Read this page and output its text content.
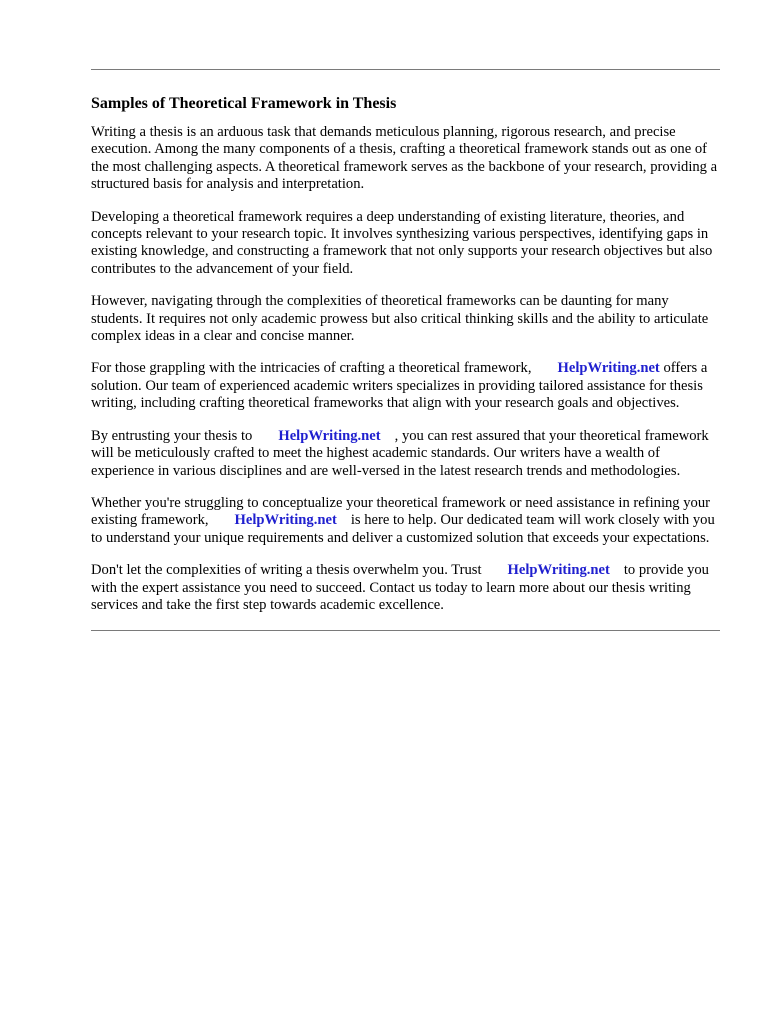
Samples of Theoretical Framework in Thesis

Writing a thesis is an arduous task that demands meticulous planning, rigorous research, and precise execution. Among the many components of a thesis, crafting a theoretical framework stands out as one of the most challenging aspects. A theoretical framework serves as the backbone of your research, providing a structured basis for analysis and interpretation.

Developing a theoretical framework requires a deep understanding of existing literature, theories, and concepts relevant to your research topic. It involves synthesizing various perspectives, identifying gaps in existing knowledge, and constructing a framework that not only supports your research objectives but also contributes to the advancement of your field.

However, navigating through the complexities of theoretical frameworks can be daunting for many students. It requires not only academic prowess but also critical thinking skills and the ability to articulate complex ideas in a clear and concise manner.

For those grappling with the intricacies of crafting a theoretical framework, HelpWriting.net offers a solution. Our team of experienced academic writers specializes in providing tailored assistance for thesis writing, including crafting theoretical frameworks that align with your research goals and objectives.

By entrusting your thesis to HelpWriting.net , you can rest assured that your theoretical framework will be meticulously crafted to meet the highest academic standards. Our writers have a wealth of experience in various disciplines and are well-versed in the latest research trends and methodologies.

Whether you're struggling to conceptualize your theoretical framework or need assistance in refining your existing framework, HelpWriting.net is here to help. Our dedicated team will work closely with you to understand your unique requirements and deliver a customized solution that exceeds your expectations.

Don't let the complexities of writing a thesis overwhelm you. Trust HelpWriting.net to provide you with the expert assistance you need to succeed. Contact us today to learn more about our thesis writing services and take the first step towards academic excellence.
